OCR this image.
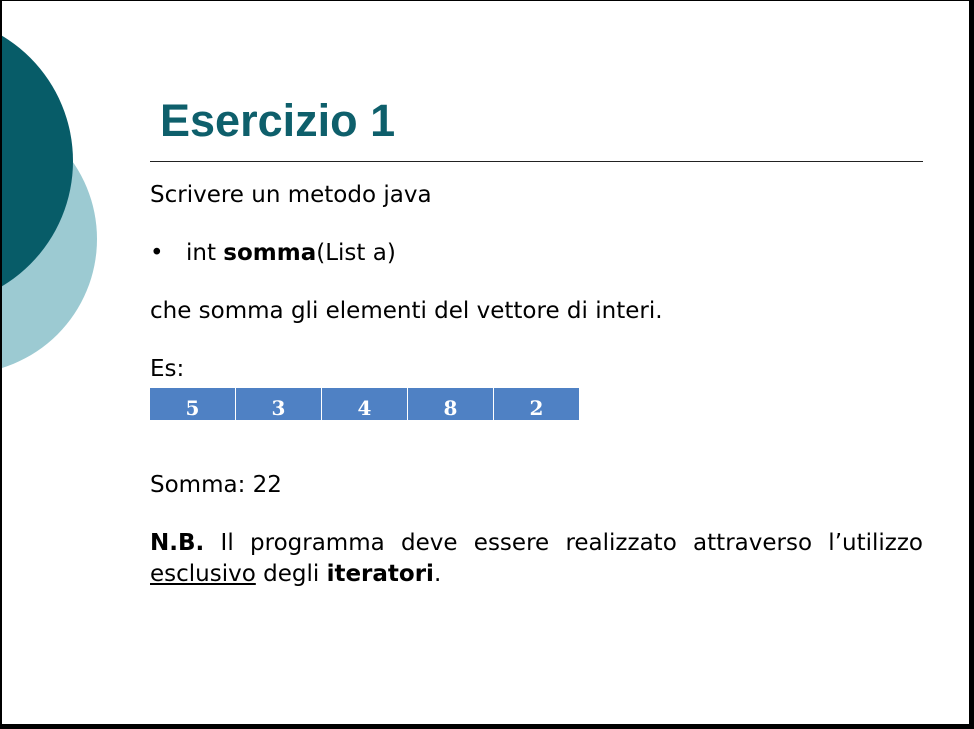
Esercizio 1
Scrivere un metodo java
• int somma(List a)
che somma gli elementi del vettore di interi.
Es:
5	3	4	8	2
Somma: 22
N.B. Il programma deve essere realizzato attraverso l’utilizzo
esclusivo degli iteratori.
